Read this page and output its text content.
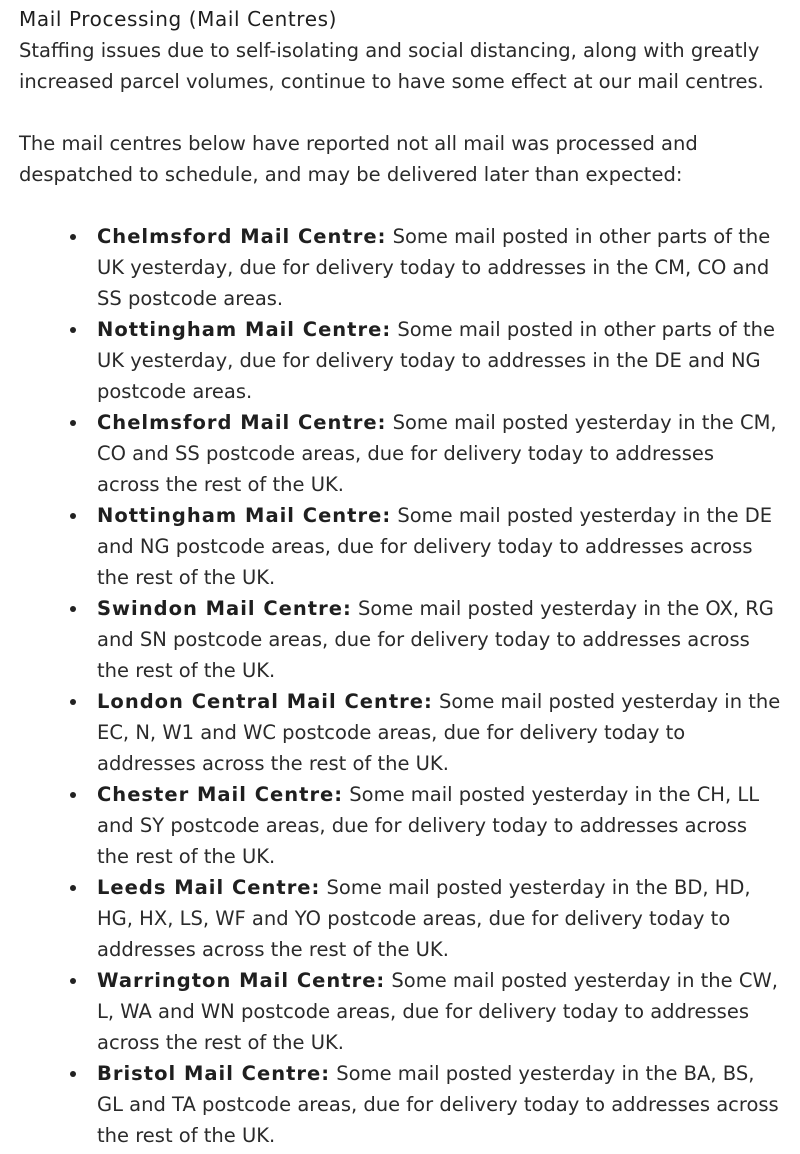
Mail Processing (Mail Centres)

Staffing issues due to self-isolating and social distancing, along with greatly increased parcel volumes, continue to have some effect at our mail centres.

The mail centres below have reported not all mail was processed and despatched to schedule, and may be delivered later than expected:

Chelmsford Mail Centre: Some mail posted in other parts of the UK yesterday, due for delivery today to addresses in the CM, CO and SS postcode areas.
Nottingham Mail Centre: Some mail posted in other parts of the UK yesterday, due for delivery today to addresses in the DE and NG postcode areas.
Chelmsford Mail Centre: Some mail posted yesterday in the CM, CO and SS postcode areas, due for delivery today to addresses across the rest of the UK.
Nottingham Mail Centre: Some mail posted yesterday in the DE and NG postcode areas, due for delivery today to addresses across the rest of the UK.
Swindon Mail Centre: Some mail posted yesterday in the OX, RG and SN postcode areas, due for delivery today to addresses across the rest of the UK.
London Central Mail Centre: Some mail posted yesterday in the EC, N, W1 and WC postcode areas, due for delivery today to addresses across the rest of the UK.
Chester Mail Centre: Some mail posted yesterday in the CH, LL and SY postcode areas, due for delivery today to addresses across the rest of the UK.
Leeds Mail Centre: Some mail posted yesterday in the BD, HD, HG, HX, LS, WF and YO postcode areas, due for delivery today to addresses across the rest of the UK.
Warrington Mail Centre: Some mail posted yesterday in the CW, L, WA and WN postcode areas, due for delivery today to addresses across the rest of the UK.
Bristol Mail Centre: Some mail posted yesterday in the BA, BS, GL and TA postcode areas, due for delivery today to addresses across the rest of the UK.
